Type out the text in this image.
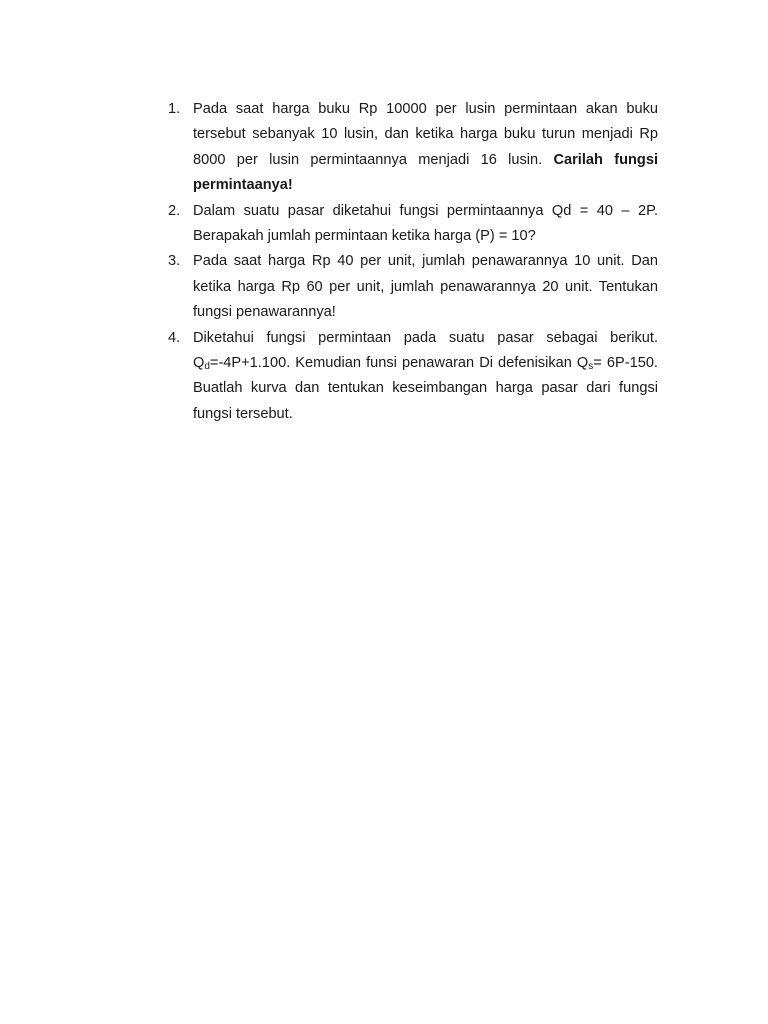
1. Pada saat harga buku Rp 10000 per lusin permintaan akan buku tersebut sebanyak 10 lusin, dan ketika harga buku turun menjadi Rp 8000 per lusin permintaannya menjadi 16 lusin. Carilah fungsi permintaanya!
2. Dalam suatu pasar diketahui fungsi permintaannya Qd = 40 – 2P. Berapakah jumlah permintaan ketika harga (P) = 10?
3. Pada saat harga Rp 40 per unit, jumlah penawarannya 10 unit. Dan ketika harga Rp 60 per unit, jumlah penawarannya 20 unit. Tentukan fungsi penawarannya!
4. Diketahui fungsi permintaan pada suatu pasar sebagai berikut. $Q_d=-4P+1.100$. Kemudian funsi penawaran Di defenisikan $Q_s= 6P-150$. Buatlah kurva dan tentukan keseimbangan harga pasar dari fungsi fungsi tersebut.
